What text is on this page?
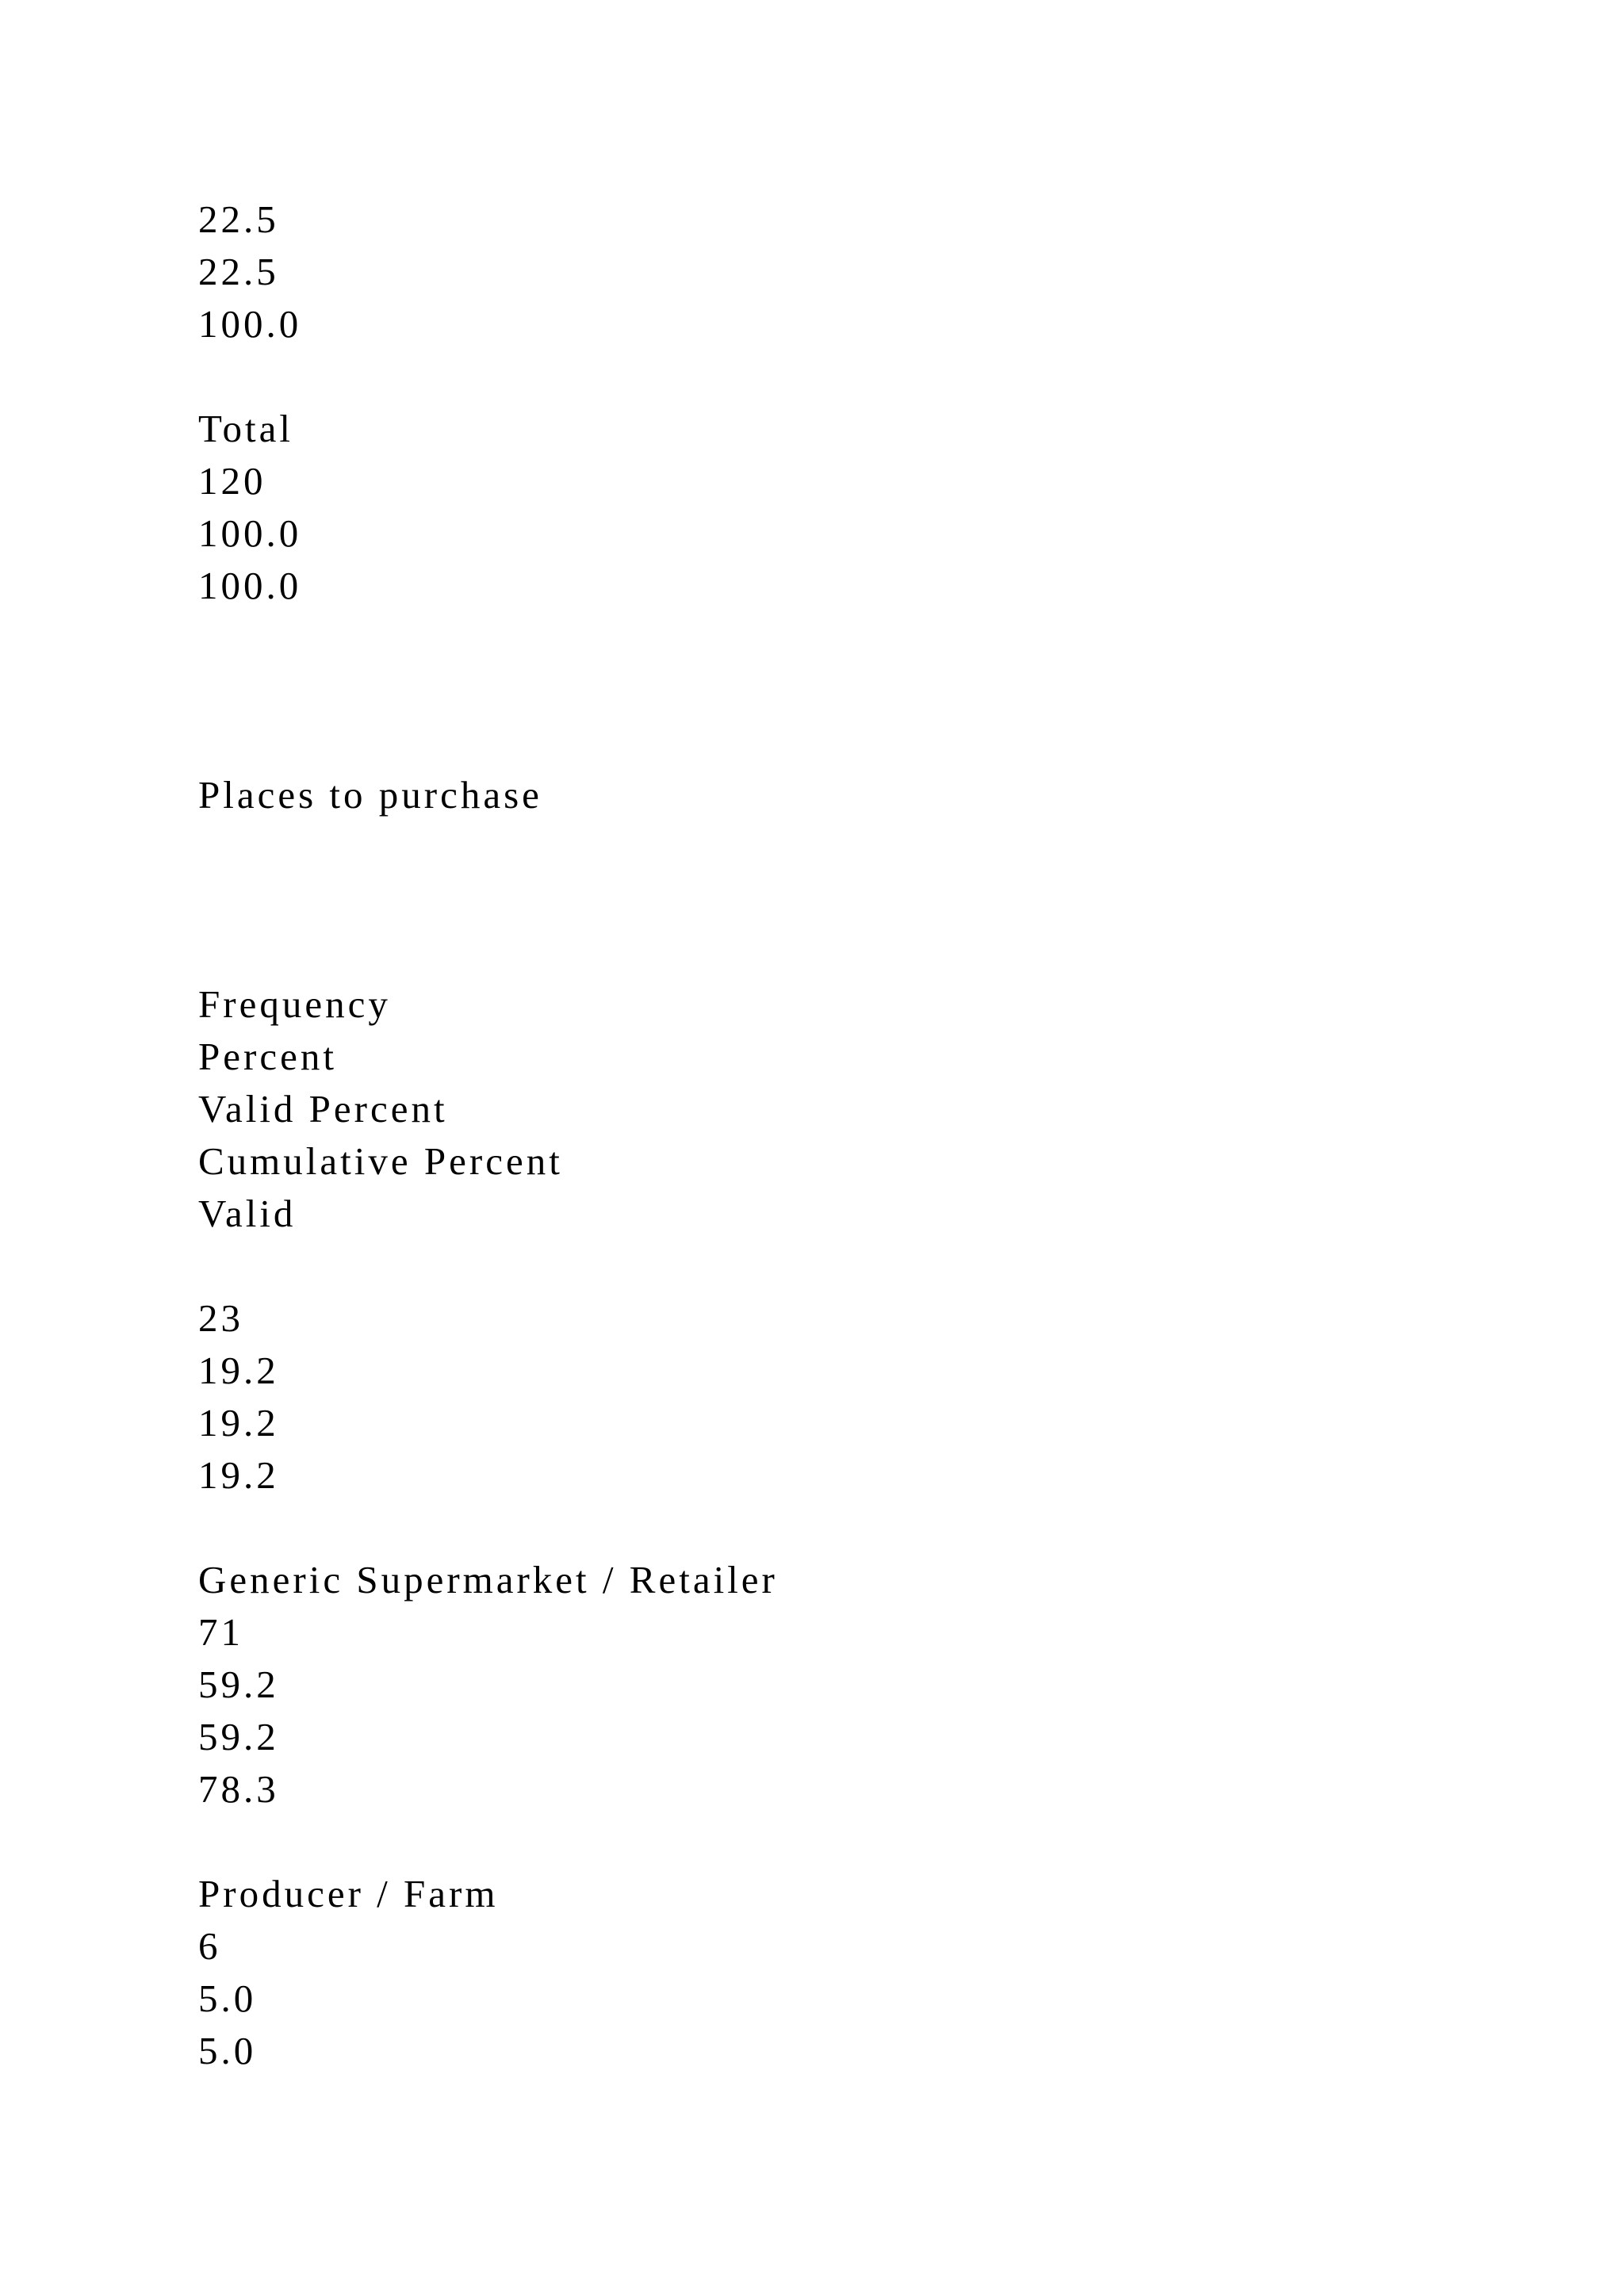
22.5
22.5
100.0
Total
120
100.0
100.0
Places to purchase
Frequency
Percent
Valid Percent
Cumulative Percent
Valid
23
19.2
19.2
19.2
Generic Supermarket / Retailer
71
59.2
59.2
78.3
Producer / Farm
6
5.0
5.0
